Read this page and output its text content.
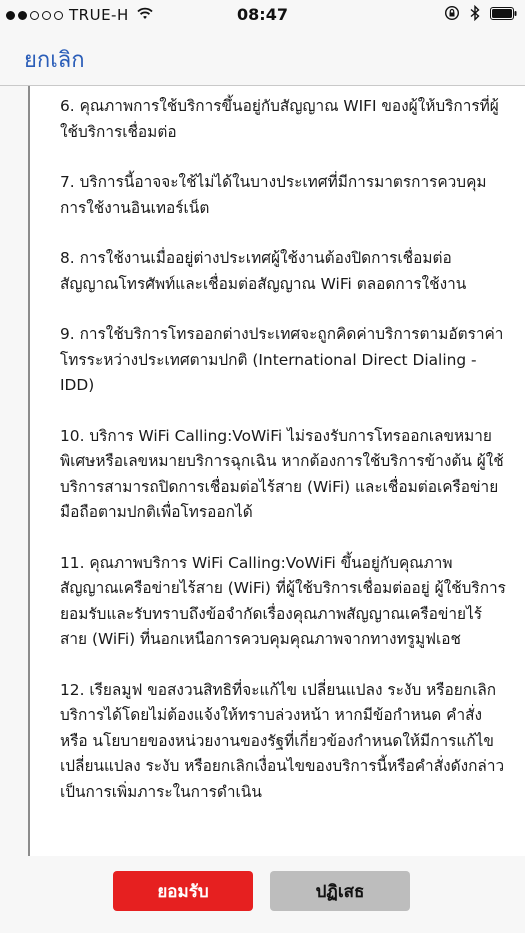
TRUE-H	08:47
ยกเลิก

6. คุณภาพการใช้บริการขึ้นอยู่กับสัญญาณ WIFI ของผู้ให้บริการที่ผู้ใช้บริการเชื่อมต่อ

7. บริการนี้อาจจะใช้ไม่ได้ในบางประเทศที่มีการมาตรการควบคุมการใช้งานอินเทอร์เน็ต

8. การใช้งานเมื่ออยู่ต่างประเทศผู้ใช้งานต้องปิดการเชื่อมต่อสัญญาณโทรศัพท์และเชื่อมต่อสัญญาณ WiFi ตลอดการใช้งาน

9. การใช้บริการโทรออกต่างประเทศจะถูกคิดค่าบริการตามอัตราค่าโทรระหว่างประเทศตามปกติ (International Direct Dialing -IDD)

10. บริการ WiFi Calling:VoWiFi ไม่รองรับการโทรออกเลขหมายพิเศษหรือเลขหมายบริการฉุกเฉิน หากต้องการใช้บริการข้างต้น ผู้ใช้บริการสามารถปิดการเชื่อมต่อไร้สาย (WiFi) และเชื่อมต่อเครือข่ายมือถือตามปกติเพื่อโทรออกได้

11. คุณภาพบริการ WiFi Calling:VoWiFi ขึ้นอยู่กับคุณภาพสัญญาณเครือข่ายไร้สาย (WiFi) ที่ผู้ใช้บริการเชื่อมต่ออยู่ ผู้ใช้บริการยอมรับและรับทราบถึงข้อจำกัดเรื่องคุณภาพสัญญาณเครือข่ายไร้สาย (WiFi) ที่นอกเหนือการควบคุมคุณภาพจากทางทรูมูฟเอช

12. เรียลมูฟ ขอสงวนสิทธิที่จะแก้ไข เปลี่ยนแปลง ระงับ หรือยกเลิกบริการได้โดยไม่ต้องแจ้งให้ทราบล่วงหน้า หากมีข้อกำหนด คำสั่ง หรือ นโยบายของหน่วยงานของรัฐที่เกี่ยวข้องกำหนดให้มีการแก้ไข เปลี่ยนแปลง ระงับ หรือยกเลิกเงื่อนไขของบริการนี้หรือคำสั่งดังกล่าวเป็นการเพิ่มภาระในการดำเนิน

ยอมรับ	ปฏิเสธ
